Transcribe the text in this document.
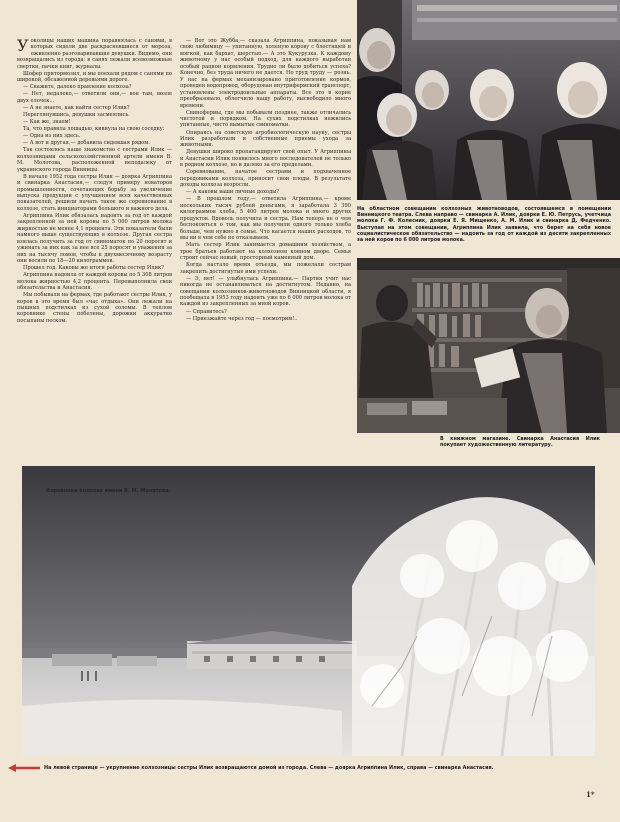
У околицы наших машина поравнялась с санями, в которых сидели две раскрасневшиеся от мороза, оживленно разговаривавшие девушки. Видимо, они возвращались из города: в санях лежали всевозможные свертки, пачки книг, журналы.

Шофер притормозил, и мы поехали рядом с санями по широкой, обсаженной деревьями дороге.

— Скажите, далеко правление колхоза?

— Нет, недалеко,— ответили они,— вон там, возле двух елочек...

— А не знаете, как найти сестер Илик?

Переглянувшись, девушки засмеялись.

— Как же, знаем!

Та, что правила лошадью, кивнула на свою соседку:

— Одна из них здесь.

— А вот и другая,— добавила сидевшая рядом.

Так состоялось наше знакомство с сестрами Илик — колхозницами сельскохозяйственной артели имени В. М. Молотова, расположенной неподалеку от украинского города Винницы.

В начале 1952 года сестры Илик — доярка Агриппина и свинарка Анастасия,— следуя примеру новаторов промышленности, сочетающих борьбу за увеличение выпуска продукции с улучшением всех качественных показателей, решили начать такое же соревнование в колхозе, стать инициаторами большого и важного дела.

Агриппина Илик обязалась надоить за год от каждой закрепленной за ней коровы по 5 000 литров молока жирностью не менее 4,1 процента. Эти показатели были намного выше существующих в колхозе. Другая сестра взялась получить за год от свиноматок по 20 поросят и ужинать за них как за нее все 25 поросят и уважения за них на тысячу ломов, чтобы к двухмесячному возрасту они весили по 18—20 килограммов.

Прошел год. Каковы же итоги работы сестер Илик?

Агриппина надоила от каждой коровы по 5 308 литров молока жирностью 4,2 процента. Перевыполнила свои обязательства и Анастасия.

Мы побывали на фермах, где работают сестры Илик, у коров в это время был «час отдыха». Они лежали на пышных подстилках из сухой соломы. В теплом коровнике стены побелены, дорожки аккуратно посыпаны песком.

— Вот это Жубба,— сказала Агриппина, показывая нам свою любимицу — упитанную, холеную корову с блестящей и мягкой, как бархат, шерстью.— А это Кукурузка. К каждому животному у нас особый подход, для каждого выработан особый рацион кормления. Трудно ли было добиться успеха? Конечно, без труда ничего не дается. Но труд труду — рознь. У нас на фермах механизировано приготовление кормов, проведен водопровод, оборудован внутрифермский транспорт, установлены электродоильные аппараты. Все это в корне преобразовало, облегчило нашу работу, высвободило много времени.

Свинофермы, где мы побывали позднее, также отличались чистотой и порядком. На сухих подстилках нежились упитанные, чисто вымытые свиноматки.

Опираясь на советскую агробиологическую науку, сестры Илик разработали и собственные приемы ухода за животными.

Девушки широко пропагандируют свой опыт. У Агриппины и Анастасии Илик появилось много последователей не только в родном колхозе, но и далеко за его пределами.

Соревнование, начатое сестрами и подхваченное передовиками колхоза, приносит свои плоды. В результате доходы колхоза возросли.

— А каковы ваши личные доходы?

— В прошлом году,— ответила Агриппина,— кроме нескольких тысяч рублей деньгами, я заработала 3 390 килограммов хлеба, 5 400 литров молока и много других продуктов. Вдоволь получила и сестра. Нам теперь не о чем беспокоиться о том, как мы получили одного только хлеба больше, чем нужно в семье. Что касается наших расходов, то мы ни в чем себе не отказываем.

Мать сестер Илик занимается домашним хозяйством, а трое братьев работают на колхозном конном дворе. Семья строит сейчас новый, просторный каменный дом.

Когда настало время отъезда, мы пожелали сестрам закрепить достигнутые ими успехи.

— Э, нет! — улыбнулась Агриппина.— Партия учит нас никогда не останавливаться на достигнутом. Недавно, на совещании колхозников-животноводов Винницкой области, я пообещала в 1953 году надоить уже по 6 000 литров молока от каждой из закрепленных за мной коров.

— Справитесь?

— Приезжайте через год — посмотрим!..

На областном совещании колхозных животноводов, состоявшемся в помещении Винницкого театра. Слева направо — свинарка А. Илик, доярки Е. Ю. Петрусь, учетчица молока Г. Ф. Колесник, доярки Е. Я. Мищенко, А. М. Илик и свинарка Д. Федченко. Выступая на этом совещании, Агриппина Илик заявила, что берет на себя новое социалистическое обязательство — надоить за год от каждой из десяти закрепленных за ней коров по 6 000 литров молока.
В книжном магазине. Свинарка Анастасия Илик покупает художественную литературу.
Коровники колхоза имени В. М. Молотова.
На левой странице — укрупнение колхозницы сестры Илик возвращаются домой из города. Слева — доярка Агриппина Илик, справа — свинарка Анастасия.
1*
